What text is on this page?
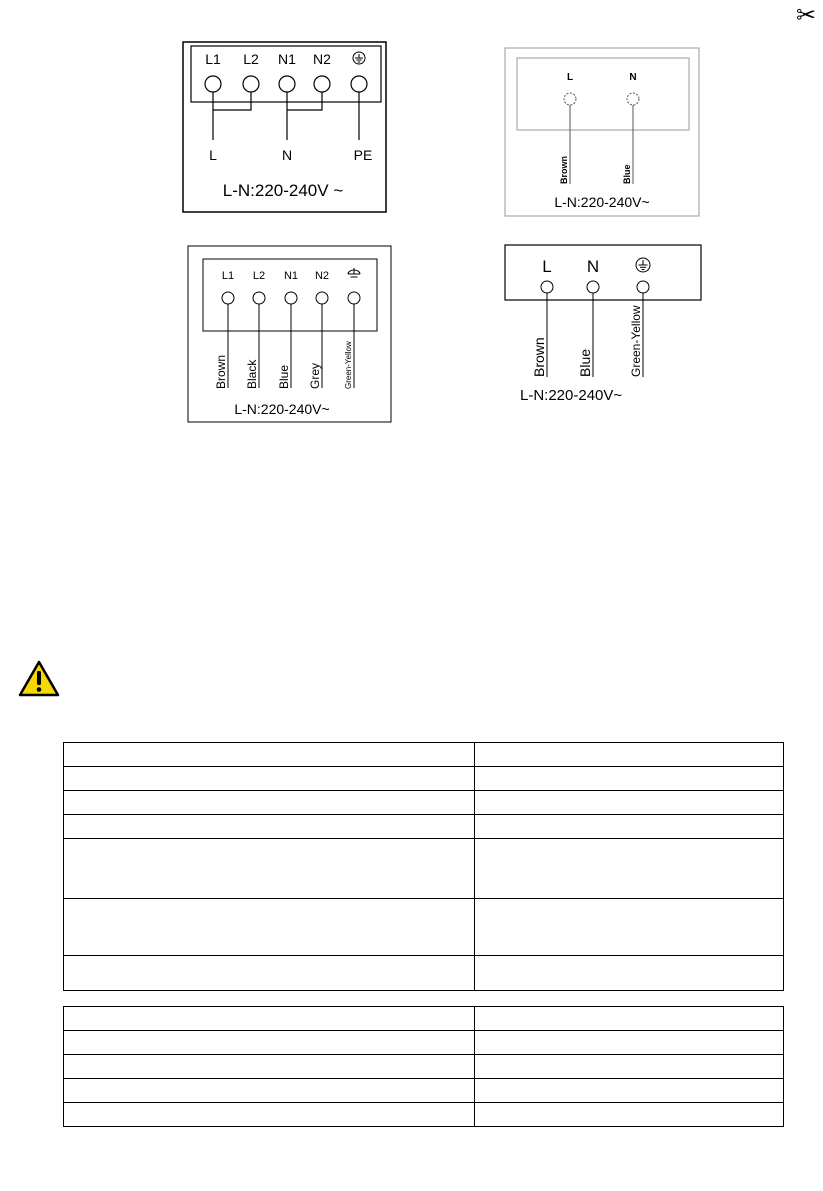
✂
L1 L2 N1 N2
L	N	PE
L-N:220-240V ~
L	N
Brown	Blue
L-N:220-240V~
L1 L2 N1 N2
Brown Black Blue Grey	Green-Yellow
L-N:220-240V~
L N
Brown Blue	Green-Yellow
L-N:220-240V~
